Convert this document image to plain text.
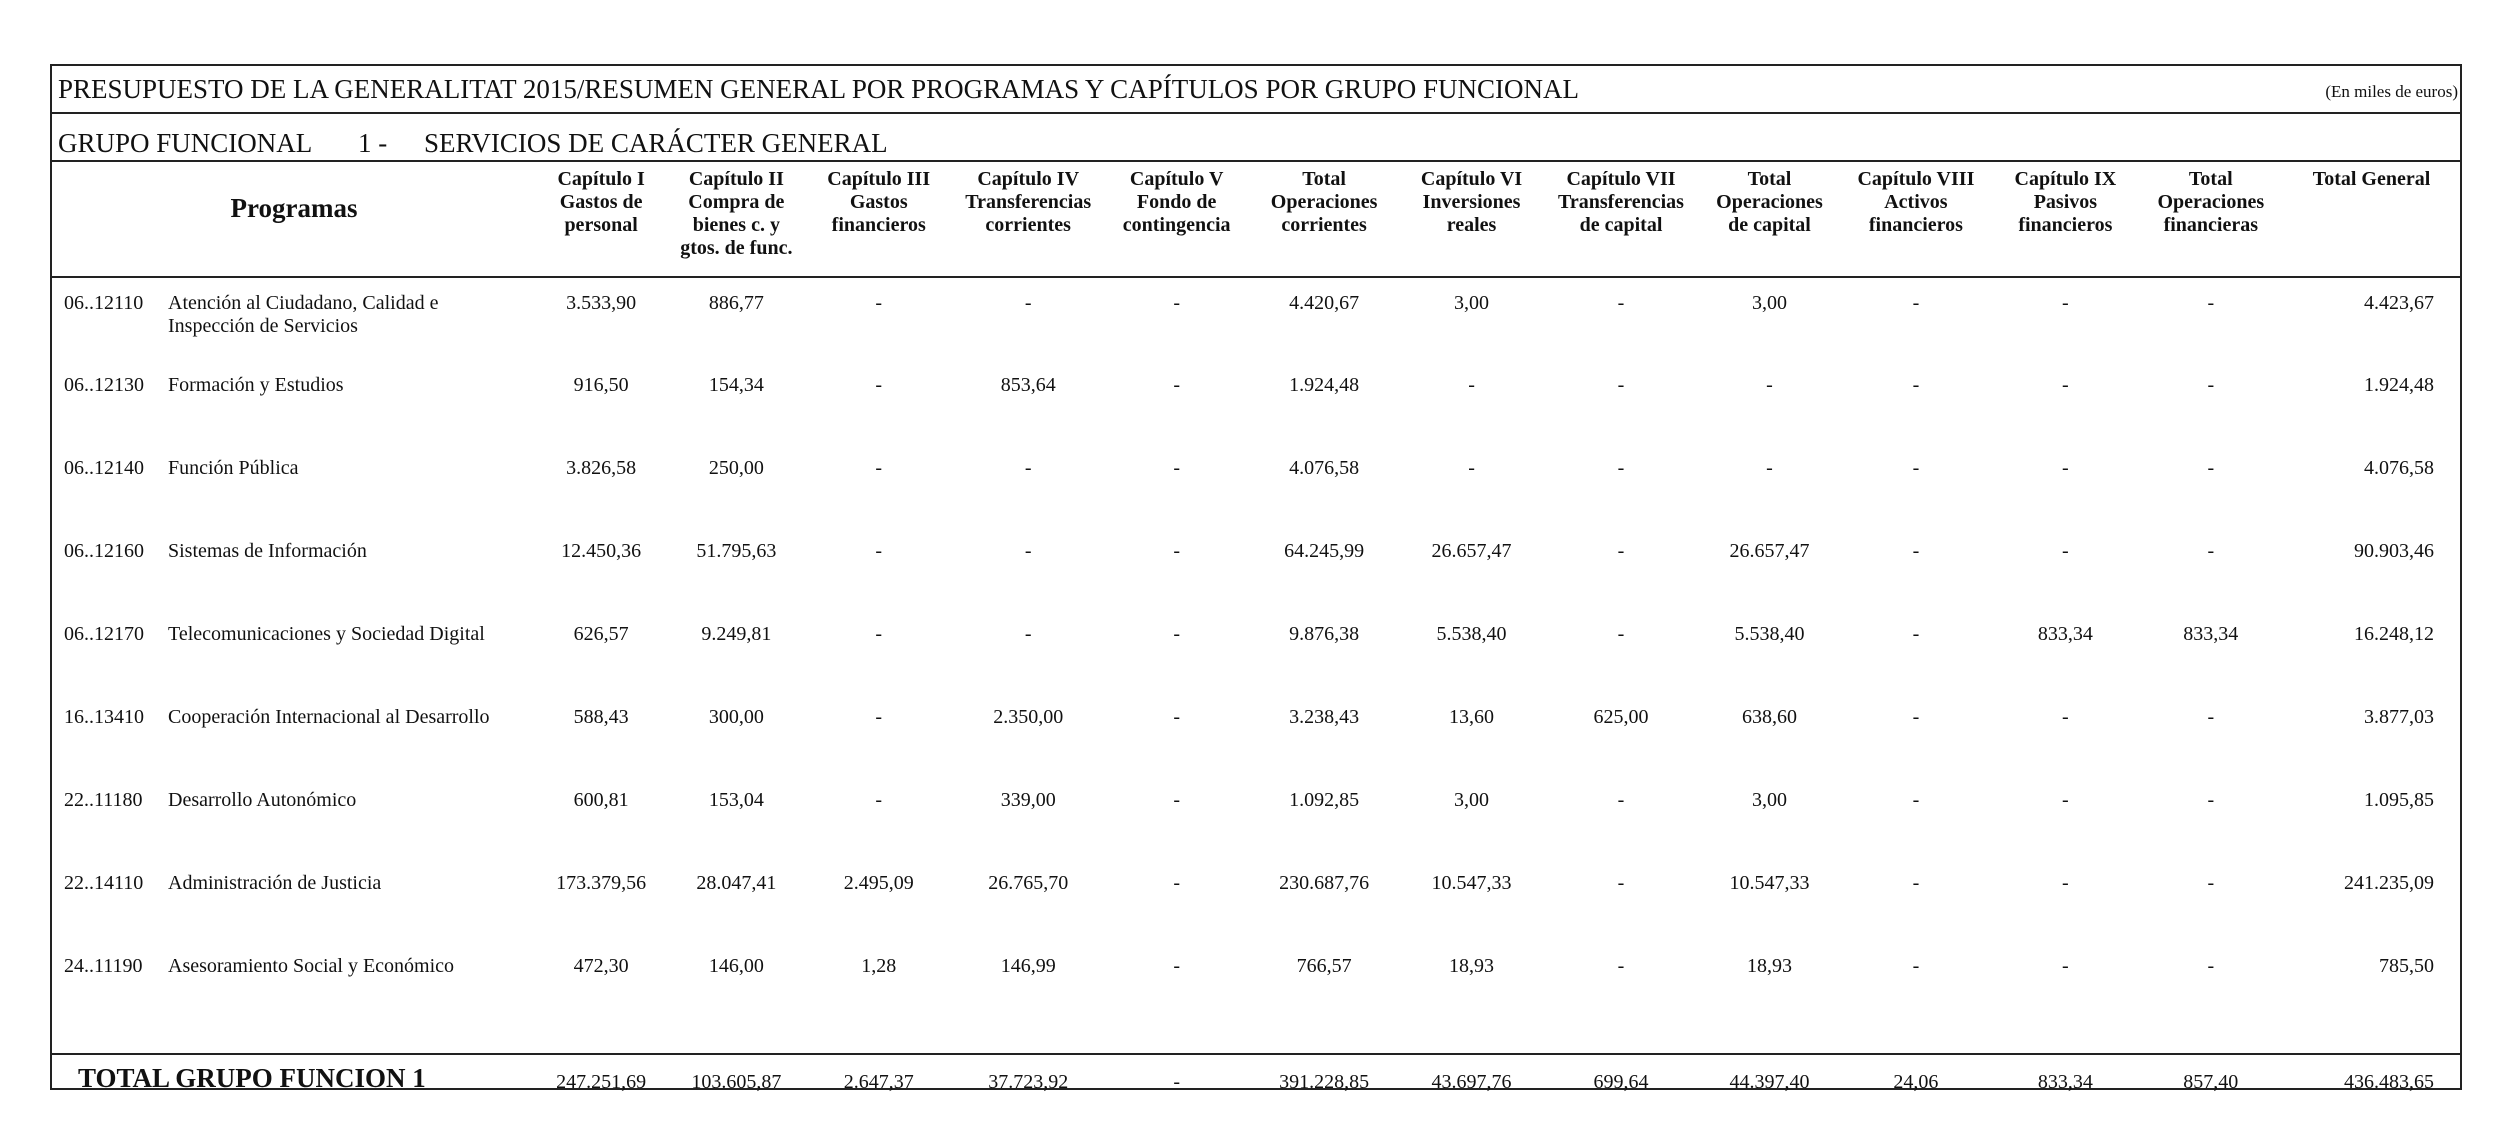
PRESUPUESTO DE LA GENERALITAT 2015/RESUMEN GENERAL POR PROGRAMAS Y CAPÍTULOS POR GRUPO FUNCIONAL	(En miles de euros)
GRUPO FUNCIONAL 1 - SERVICIOS DE CARÁCTER GENERAL
Programas	Capítulo I
Gastos de
personal	Capítulo II
Compra de
bienes c. y
gtos. de func.	Capítulo III
Gastos
financieros	Capítulo IV
Transferencias
corrientes	Capítulo V
Fondo de
contingencia	Total
Operaciones
corrientes	Capítulo VI
Inversiones
reales	Capítulo VII
Transferencias
de capital	Total
Operaciones
de capital	Capítulo VIII
Activos
financieros	Capítulo IX
Pasivos
financieros	Total
Operaciones
financieras	Total General
06..12110 Atención al Ciudadano, Calidad e Inspección de Servicios	3.533,90	886,77	-	-	-	4.420,67	3,00	-	3,00	-	-	-	4.423,67
06..12130 Formación y Estudios	916,50	154,34	-	853,64	-	1.924,48	-	-	-	-	-	-	1.924,48
06..12140 Función Pública	3.826,58	250,00	-	-	-	4.076,58	-	-	-	-	-	-	4.076,58
06..12160 Sistemas de Información	12.450,36	51.795,63	-	-	-	64.245,99	26.657,47	-	26.657,47	-	-	-	90.903,46
06..12170 Telecomunicaciones y Sociedad Digital	626,57	9.249,81	-	-	-	9.876,38	5.538,40	-	5.538,40	-	833,34	833,34	16.248,12
16..13410 Cooperación Internacional al Desarrollo	588,43	300,00	-	2.350,00	-	3.238,43	13,60	625,00	638,60	-	-	-	3.877,03
22..11180 Desarrollo Autonómico	600,81	153,04	-	339,00	-	1.092,85	3,00	-	3,00	-	-	-	1.095,85
22..14110 Administración de Justicia	173.379,56	28.047,41	2.495,09	26.765,70	-	230.687,76	10.547,33	-	10.547,33	-	-	-	241.235,09
24..11190 Asesoramiento Social y Económico	472,30	146,00	1,28	146,99	-	766,57	18,93	-	18,93	-	-	-	785,50

TOTAL GRUPO FUNCION 1	247.251,69	103.605,87	2.647,37	37.723,92	-	391.228,85	43.697,76	699,64	44.397,40	24,06	833,34	857,40	436.483,65
